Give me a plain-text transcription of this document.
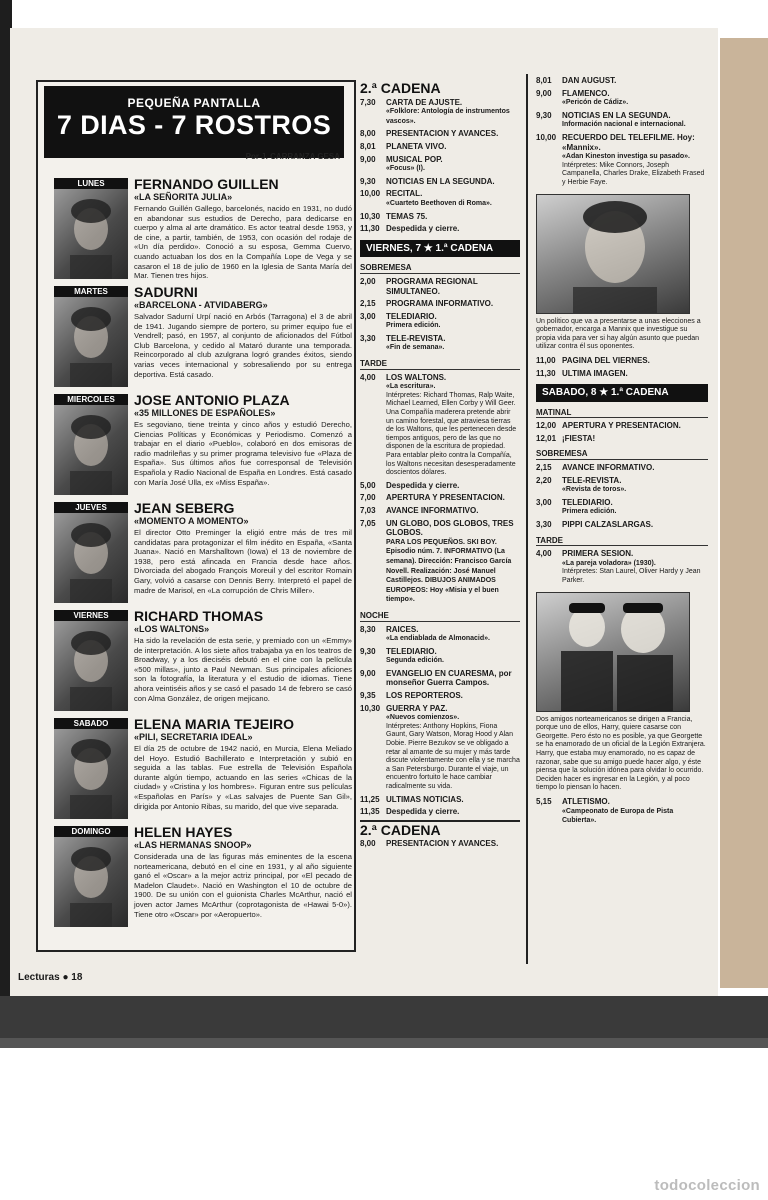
PEQUEÑA PANTALLA
7 DIAS - 7 ROSTROS
Por J. CARRANZA GESA
LUNES	FERNANDO GUILLEN
«LA SEÑORITA JULIA»
Fernando Guillén Gallego, barcelonés, nacido en 1931, no dudó en abandonar sus estudios de Derecho, para dedicarse en cuerpo y alma al arte dramático. Es actor teatral desde 1953, y de cine, a partir, también, de 1953, con ocasión del rodaje de «Un día perdido». Conoció a su esposa, Gemma Cuervo, cuando actuaban los dos en la Compañía Lope de Vega y se casaron el 18 de julio de 1960 en la Iglesia de Santa María del Mar. Tienen tres hijos.
MARTES	SADURNI
«BARCELONA - ATVIDABERG»
Salvador Sadurní Urpí nació en Arbós (Tarragona) el 3 de abril de 1941. Jugando siempre de portero, su primer equipo fue el Vendrell; pasó, en 1957, al conjunto de aficionados del Fútbol Club Barcelona, y cedido al Mataró durante una temporada. Reincorporado al club azulgrana logró grandes éxitos, siendo varias veces internacional y sobresaliendo por su entrega deportiva. Está casado.
MIERCOLES	JOSE ANTONIO PLAZA
«35 MILLONES DE ESPAÑOLES»
Es segoviano, tiene treinta y cinco años y estudió Derecho, Ciencias Políticas y Económicas y Periodismo. Comenzó a trabajar en el diario «Pueblo», colaboró en dos emisoras de radio madrileñas y su primer programa televisivo fue «Plaza de España». Sus últimos años fue corresponsal de Televisión Española y Radio Nacional de España en Londres. Está casado con María José Ulla, ex «Miss España».
JUEVES	JEAN SEBERG
«MOMENTO A MOMENTO»
El director Otto Preminger la eligió entre más de tres mil candidatas para protagonizar el film inédito en España, «Santa Juana». Nació en Marshalltown (Iowa) el 13 de noviembre de 1938, pero está afincada en Francia desde hace años. Divorciada del abogado François Moreuil y del escritor Romain Gary, volvió a casarse con Dennis Berry. Interpretó el papel de madre de Marisol, en «La corrupción de Chris Miller».
VIERNES	RICHARD THOMAS
«LOS WALTONS»
Ha sido la revelación de esta serie, y premiado con un «Emmy» de interpretación. A los siete años trabajaba ya en los teatros de Broadway, y a los dieciséis debutó en el cine con la película «500 millas», junto a Paul Newman. Sus principales aficiones son la fotografía, la literatura y el estudio de idiomas. Tiene ahora veintiséis años y se casó el pasado 14 de febrero se casó con Alma González, de origen mejicano.
SABADO	ELENA MARIA TEJEIRO
«PILI, SECRETARIA IDEAL»
El día 25 de octubre de 1942 nació, en Murcia, Elena Meliado del Hoyo. Estudió Bachillerato e Interpretación y subió en seguida a las tablas. Fue estrella de Televisión Española durante algún tiempo, actuando en las series «Chicas de la ciudad» y «Cristina y los hombres». Figuran entre sus películas «Españolas en París» y «Las salvajes de Puente San Gil», dirigida por Antonio Ribas, su marido, del que vive separada.
DOMINGO	HELEN HAYES
«LAS HERMANAS SNOOP»
Considerada una de las figuras más eminentes de la escena norteamericana, debutó en el cine en 1931, y al año siguiente ganó el «Oscar» a la mejor actriz principal, por «El pecado de Madelon Claudet». Nació en Washington el 10 de octubre de 1900. De su unión con el guionista Charles McArthur, nació el joven actor James McArthur (coprotagonista de «Hawai 5-0»). Tiene otro «Oscar» por «Aeropuerto».
2.ª CADENA
7,30	CARTA DE AJUSTE.
«Folklore: Antología de instrumentos vascos».
8,00	PRESENTACION Y AVANCES.
8,01	PLANETA VIVO.
9,00	MUSICAL POP.
«Focus» (I).
9,30	NOTICIAS EN LA SEGUNDA.
10,00 RECITAL.
«Cuarteto Beethoven di Roma».
10,30 TEMAS 75.
11,30 Despedida y cierre.
VIERNES, 7 ★ 1.ª CADENA
SOBREMESA
2,00	PROGRAMA REGIONAL SIMULTANEO.
2,15	PROGRAMA INFORMATIVO.
3,00	TELEDIARIO.
Primera edición.
3,30	TELE-REVISTA.
«Fin de semana».
TARDE
4,00	LOS WALTONS.
«La escritura».
Intérpretes: Richard Thomas, Ralp Waite, Michael Learned, Ellen Corby y Will Geer. Una Compañía maderera pretende abrir un camino forestal, que atraviesa tierras de los Waltons, que les pertenecen desde tiempos antiguos, pero de las que no disponen de la escritura de propiedad. Para entablar pleito contra la Compañía, los Waltons necesitan desesperadamente doscientos dólares.
5,00	Despedida y cierre.
7,00	APERTURA Y PRESENTACION.
7,03	AVANCE INFORMATIVO.
7,05	UN GLOBO, DOS GLOBOS, TRES GLOBOS.
PARA LOS PEQUEÑOS. SKI BOY. Episodio núm. 7. INFORMATIVO (La semana). Dirección: Francisco García Novell. Realización: José Manuel Castillejos. DIBUJOS ANIMADOS EUROPEOS: Hoy «Misia y el buen tiempo».
NOCHE
8,30	RAICES.
«La endiablada de Almonacid».
9,30	TELEDIARIO.
Segunda edición.
9,00	EVANGELIO EN CUARESMA, por monseñor Guerra Campos.
9,35	LOS REPORTEROS.
10,30 GUERRA Y PAZ.
«Nuevos comienzos».
Intérpretes: Anthony Hopkins, Fiona Gaunt, Gary Watson, Morag Hood y Alan Dobie. Pierre Bezukov se ve obligado a retar al amante de su mujer y más tarde discute violentamente con ella y se marcha a San Petersburgo. Durante el viaje, un encuentro fortuito le hace cambiar radicalmente su vida.
11,25 ULTIMAS NOTICIAS.
11,35 Despedida y cierre.
2.ª CADENA
8,00	PRESENTACION Y AVANCES.
8,01	DAN AUGUST.
9,00	FLAMENCO.
«Pericón de Cádiz».
9,30	NOTICIAS EN LA SEGUNDA.
Información nacional e internacional.
10,00 RECUERDO DEL TELEFILME. Hoy: «Mannix».
«Adan Kineston investiga su pasado».
Intérpretes: Mike Connors, Joseph Campanella, Charles Drake, Elizabeth Frased y Herbie Faye.
Un político que va a presentarse a unas elecciones a gobernador, encarga a Mannix que investigue su propia vida para ver si hay algún asunto que puedan utilizar contra él sus oponentes.
11,00 PAGINA DEL VIERNES.
11,30 ULTIMA IMAGEN.
SABADO, 8 ★ 1.ª CADENA
MATINAL
12,00 APERTURA Y PRESENTACION.
12,01 ¡FIESTA!
SOBREMESA
2,15	AVANCE INFORMATIVO.
2,20	TELE-REVISTA.
«Revista de toros».
3,00	TELEDIARIO.
Primera edición.
3,30	PIPPI CALZASLARGAS.
TARDE
4,00	PRIMERA SESION.
«La pareja voladora» (1930).
Intérpretes: Stan Laurel, Oliver Hardy y Jean Parker.
Dos amigos norteamericanos se dirigen a Francia, porque uno de ellos, Harry, quiere casarse con Georgette. Pero ésto no es posible, ya que Georgette se ha enamorado de un oficial de la Legión Extranjera. Harry, que estaba muy enamorado, no es capaz de razonar, sabe que su amigo puede hacer algo, y éste piensa que la solución idónea para olvidar lo ocurrido. Deciden hacer es ingresar en la Legión, y al poco tiempo lo piensan lo hacen.
5,15	ATLETISMO.
«Campeonato de Europa de Pista Cubierta».
Lecturas ● 18
todocoleccion
